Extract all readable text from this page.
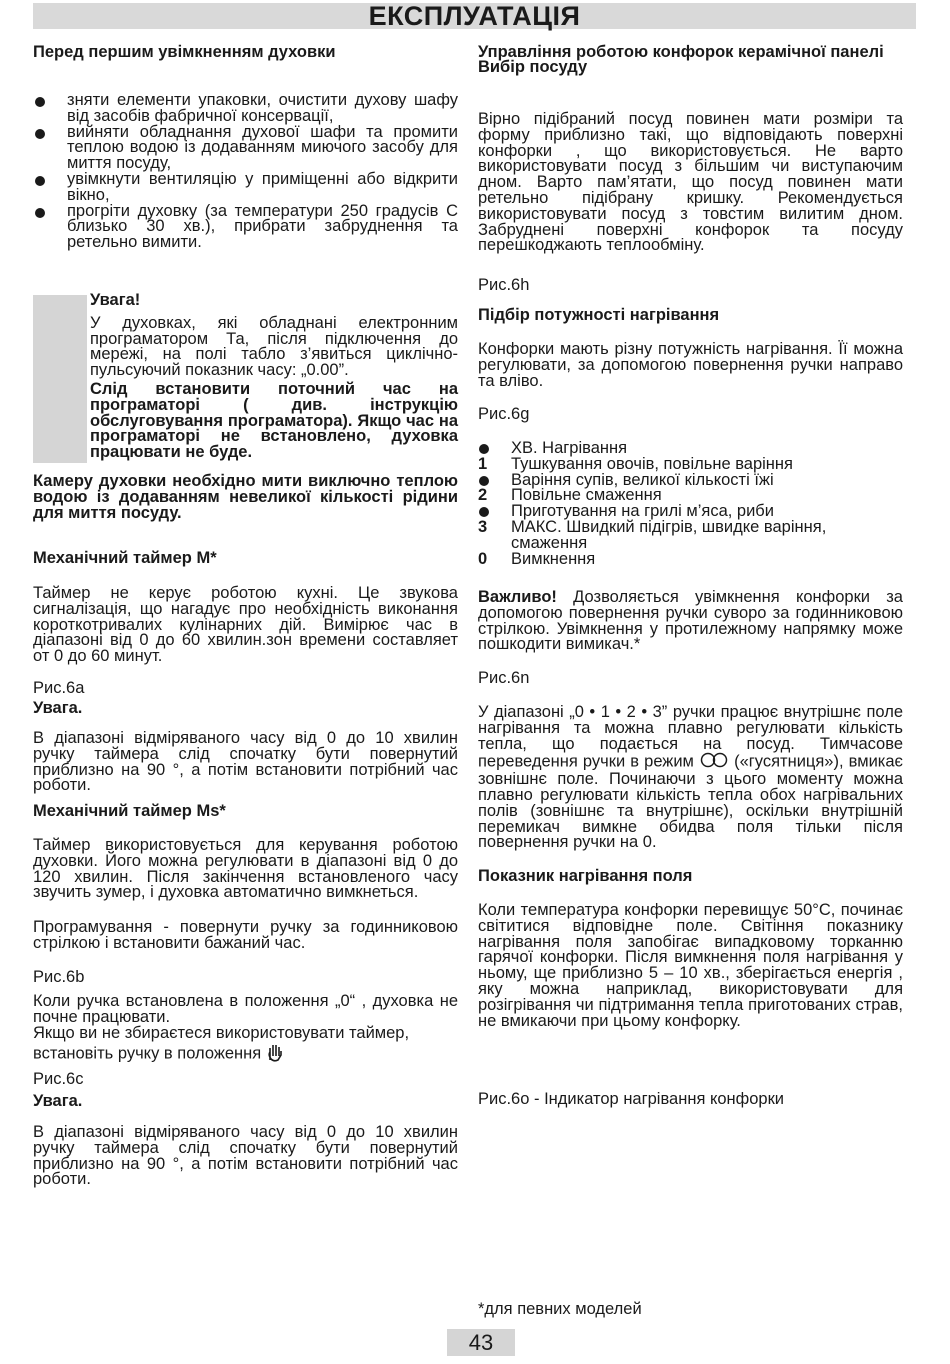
ЕКСПЛУАТАЦІЯ

Перед першим увімкненням духовки

зняти елементи упаковки, очистити духову шафу від засобів фабричної консервації,
вийняти обладнання духової шафи та промити теплою водою із додаванням миючого засобу для миття посуду,
увімкнути вентиляцію у приміщенні або відкрити вікно,
прогріти духовку (за температури 250 градусів С близько 30 хв.), прибрати забруднення та ретельно вимити.
Увага!
У духовках, які обладнані електронним програматором Та, після підключення до мережі, на полі табло з’явиться циклічно-пульсуючий показник часу: „0.00”.
Слід встановити поточний час на програматорі ( див. інструкцію обслуговування програматора). Якщо час на програматорі не встановлено, духовка працювати не буде.

Камеру духовки необхідно мити виключно теплою водою із додаванням невеликої кількості рідини для миття посуду.

Механічний таймер M*

Таймер не керує роботою кухні. Це звукова сигналізація, що нагадує про необхідність виконання короткотривалих кулінарних дій. Вимірює час в діапазоні від 0 до 60 хвилин.зон времени составляет от 0 до 60 минут.

Рис.6a

Увага.

В діапазоні відміряваного часу від 0 до 10 хвилин ручку таймера слід спочатку бути повернутий приблизно на 90 °, а потім встановити потрібний час роботи.

Механічний таймер Ms*

Таймер використовується для керування роботою духовки. Його можна регулювати в діапазоні від 0 до 120 хвилин. Після закінчення встановленого часу звучить зумер, і духовка автоматично вимкнеться.

Програмування - повернути ручку за годинниковою стрілкою і встановити бажаний час.

Рис.6b

Коли ручка встановлена в положення „0“ , духовка не почне працювати.

Якщо ви не збираєтеся використовувати таймер, встановіть ручку в положення

Рис.6c

Увага.

В діапазоні відміряваного часу від 0 до 10 хвилин ручку таймера слід спочатку бути повернутий приблизно на 90 °, а потім встановити потрібний час роботи.

Управління роботою конфорок керамічної панелі
Вибір посуду

Вірно підібраний посуд повинен мати розміри та форму приблизно такі, що відповідають поверхні конфорки , що використовується. Не варто використовувати посуд з більшим чи виступаючим дном. Варто пам’ятати, що посуд повинен мати ретельно підібрану кришку. Рекомендується використовувати посуд з товстим вилитим дном. Забруднені поверхні конфорок та посуду перешкоджають теплообміну.

Рис.6h

Підбір потужності нагрівання

Конфорки мають різну потужність нагрівання. Її можна регулювати, за допомогою повернення ручки направо та вліво.

Рис.6g

ХВ. Нагрівання
1 Тушкування овочів, повільне варіння
Варіння супів, великої кількості їжі
2 Повільне смаження
Приготування на грилі м’яса, риби
3 МАКС. Швидкий підігрів, швидке варіння, смаження
0 Вимкнення

Важливо! Дозволяється увімкнення конфорки за допомогою повернення ручки суворо за годинниковою стрілкою. Увімкнення у протилежному напрямку може пошкодити вимикач.*

Рис.6n

У діапазоні „0 • 1 • 2 • 3” ручки працює внутрішнє поле нагрівання та можна плавно регулювати кількість тепла, що подається на посуд. Тимчасове переведення ручки в режим («гусятниця»), вмикає зовнішнє поле. Починаючи з цього моменту можна плавно регулювати кількість тепла обох нагрівальних полів (зовнішнє та внутрішнє), оскільки внутрішній перемикач вимкне обидва поля тільки після повернення ручки на 0.

Показник нагрівання поля

Коли температура конфорки перевищує 50°C, починає світитися відповідне поле. Світіння показнику нагрівання поля запобігає випадковому торканню гарячої конфорки. Після вимкнення поля нагрівання у ньому, ще приблизно 5 – 10 хв., зберігається енергія , яку можна наприклад, використовувати для розігрівання чи підтримання тепла приготованих страв, не вмикаючи при цьому конфорку.

Рис.6o - Індикатор нагрівання конфорки

*для певних моделей

43
